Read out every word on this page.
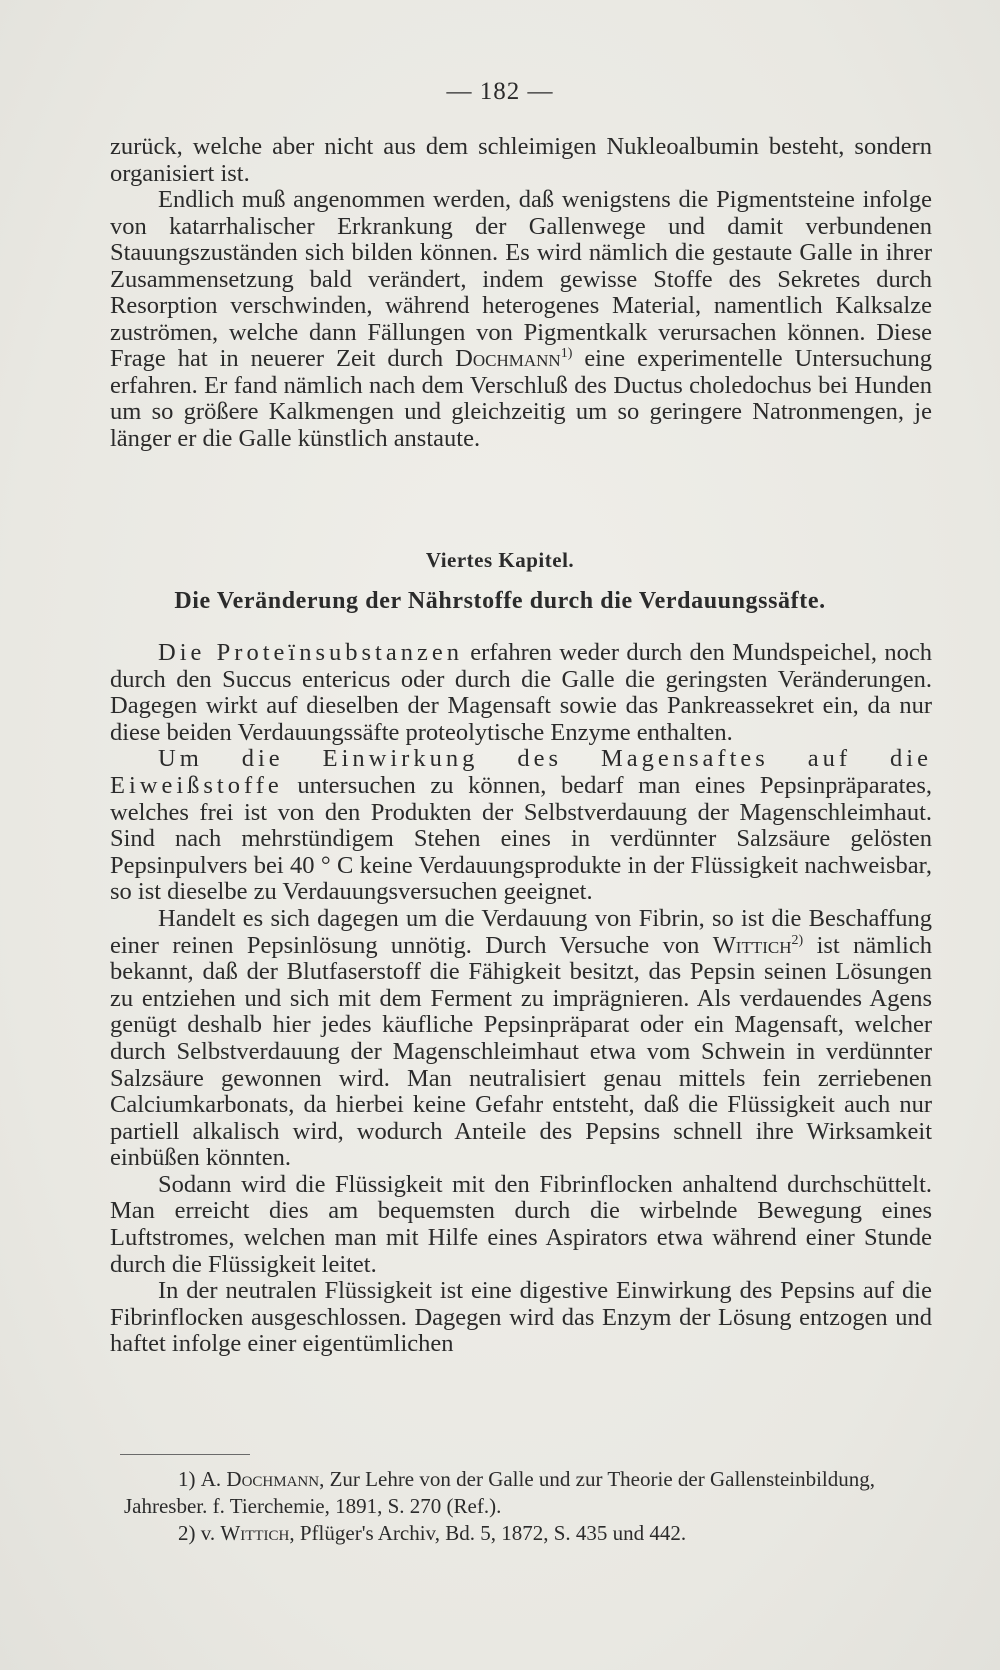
— 182 —

zurück, welche aber nicht aus dem schleimigen Nukleoalbumin besteht, sondern organisiert ist.

Endlich muß angenommen werden, daß wenigstens die Pigmentsteine infolge von katarrhalischer Erkrankung der Gallenwege und damit verbundenen Stauungszuständen sich bilden können. Es wird nämlich die gestaute Galle in ihrer Zusammensetzung bald verändert, indem gewisse Stoffe des Sekretes durch Resorption verschwinden, während heterogenes Material, namentlich Kalksalze zuströmen, welche dann Fällungen von Pigmentkalk verursachen können. Diese Frage hat in neuerer Zeit durch Dochmann$^{1)}$ eine experimentelle Untersuchung erfahren. Er fand nämlich nach dem Verschluß des Ductus choledochus bei Hunden um so größere Kalkmengen und gleichzeitig um so geringere Natronmengen, je länger er die Galle künstlich anstaute.

Viertes Kapitel.
Die Veränderung der Nährstoffe durch die Verdauungssäfte.

Die Proteïnsubstanzen erfahren weder durch den Mundspeichel, noch durch den Succus entericus oder durch die Galle die geringsten Veränderungen. Dagegen wirkt auf dieselben der Magensaft sowie das Pankreassekret ein, da nur diese beiden Verdauungssäfte proteolytische Enzyme enthalten.

Um die Einwirkung des Magensaftes auf die Eiweißstoffe untersuchen zu können, bedarf man eines Pepsinpräparates, welches frei ist von den Produkten der Selbstverdauung der Magenschleimhaut. Sind nach mehrstündigem Stehen eines in verdünnter Salzsäure gelösten Pepsinpulvers bei 40 ° C keine Verdauungsprodukte in der Flüssigkeit nachweisbar, so ist dieselbe zu Verdauungsversuchen geeignet.

Handelt es sich dagegen um die Verdauung von Fibrin, so ist die Beschaffung einer reinen Pepsinlösung unnötig. Durch Versuche von Wittich$^{2)}$ ist nämlich bekannt, daß der Blutfaserstoff die Fähigkeit besitzt, das Pepsin seinen Lösungen zu entziehen und sich mit dem Ferment zu imprägnieren. Als verdauendes Agens genügt deshalb hier jedes käufliche Pepsinpräparat oder ein Magensaft, welcher durch Selbstverdauung der Magenschleimhaut etwa vom Schwein in verdünnter Salzsäure gewonnen wird. Man neutralisiert genau mittels fein zerriebenen Calciumkarbonats, da hierbei keine Gefahr entsteht, daß die Flüssigkeit auch nur partiell alkalisch wird, wodurch Anteile des Pepsins schnell ihre Wirksamkeit einbüßen könnten.

Sodann wird die Flüssigkeit mit den Fibrinflocken anhaltend durchschüttelt. Man erreicht dies am bequemsten durch die wirbelnde Bewegung eines Luftstromes, welchen man mit Hilfe eines Aspirators etwa während einer Stunde durch die Flüssigkeit leitet.

In der neutralen Flüssigkeit ist eine digestive Einwirkung des Pepsins auf die Fibrinflocken ausgeschlossen. Dagegen wird das Enzym der Lösung entzogen und haftet infolge einer eigentümlichen

1) A. Dochmann, Zur Lehre von der Galle und zur Theorie der Gallensteinbildung, Jahresber. f. Tierchemie, 1891, S. 270 (Ref.).

2) v. Wittich, Pflüger's Archiv, Bd. 5, 1872, S. 435 und 442.
